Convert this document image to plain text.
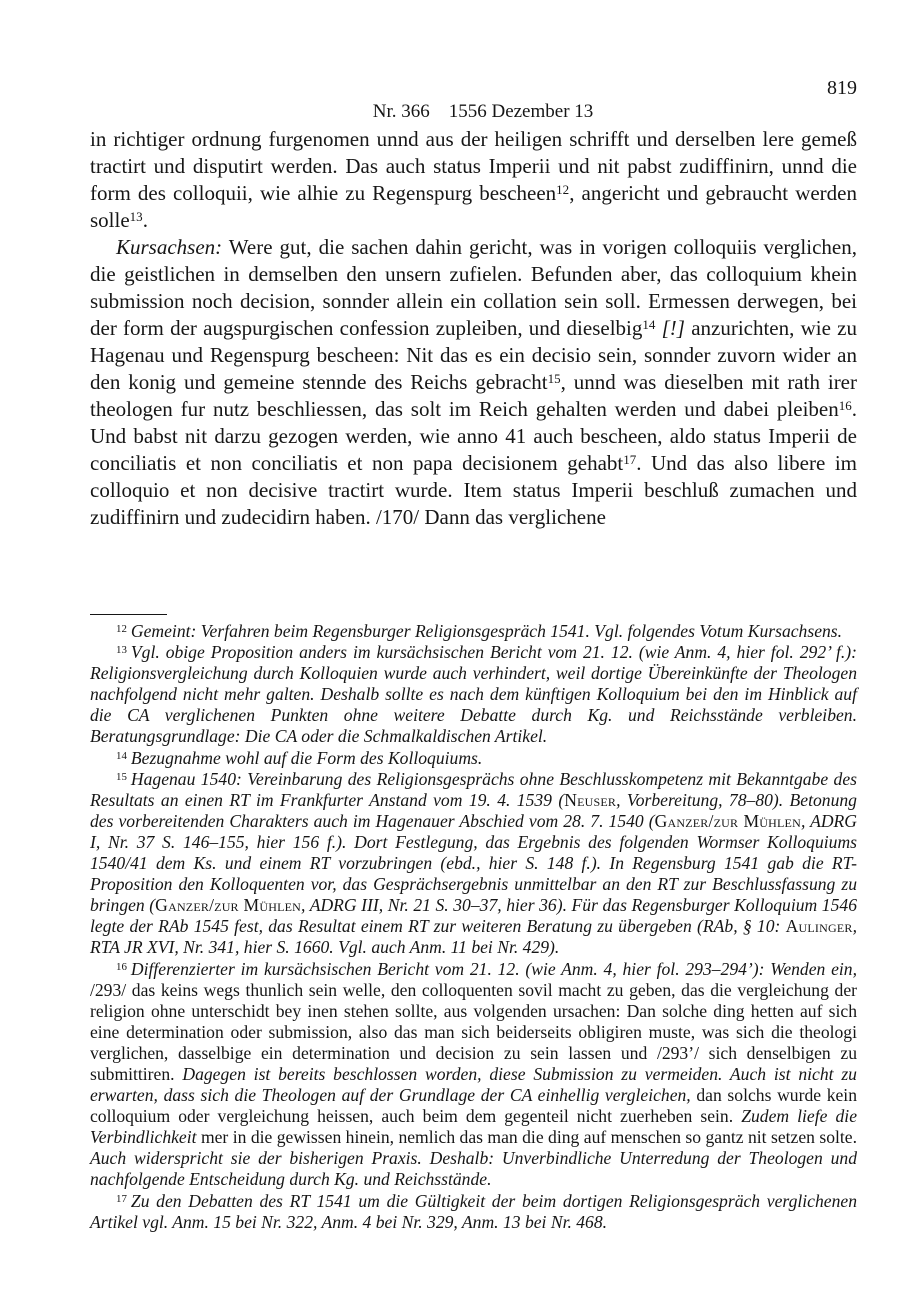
Nr. 366 1556 Dezember 13

819

in richtiger ordnung furgenomen unnd aus der heiligen schrifft und derselben lere gemeß tractirt und disputirt werden. Das auch status Imperii und nit pabst zudiffinirn, unnd die form des colloquii, wie alhie zu Regenspurg bescheen$^{12}$, angericht und gebraucht werden solle$^{13}$.

Kursachsen: Were gut, die sachen dahin gericht, was in vorigen colloquiis verglichen, die geistlichen in demselben den unsern zufielen. Befunden aber, das colloquium khein submission noch decision, sonnder allein ein collation sein soll. Ermessen derwegen, bei der form der augspurgischen confession zupleiben, und dieselbig$^{14}$ [!] anzurichten, wie zu Hagenau und Regenspurg bescheen: Nit das es ein decisio sein, sonnder zuvorn wider an den konig und gemeine stennde des Reichs gebracht$^{15}$, unnd was dieselben mit rath irer theologen fur nutz beschliessen, das solt im Reich gehalten werden und dabei pleiben$^{16}$. Und babst nit darzu gezogen werden, wie anno 41 auch bescheen, aldo status Imperii de conciliatis et non conciliatis et non papa decisionem gehabt$^{17}$. Und das also libere im colloquio et non decisive tractirt wurde. Item status Imperii beschluß zumachen und zudiffinirn und zudecidirn haben. /170/ Dann das verglichene

$^{12}$ Gemeint: Verfahren beim Regensburger Religionsgespräch 1541. Vgl. folgendes Votum Kursachsens.

$^{13}$ Vgl. obige Proposition anders im kursächsischen Bericht vom 21. 12. (wie Anm. 4, hier fol. 292’ f.): Religionsvergleichung durch Kolloquien wurde auch verhindert, weil dortige Übereinkünfte der Theologen nachfolgend nicht mehr galten. Deshalb sollte es nach dem künftigen Kolloquium bei den im Hinblick auf die CA verglichenen Punkten ohne weitere Debatte durch Kg. und Reichsstände verbleiben. Beratungsgrundlage: Die CA oder die Schmalkaldischen Artikel.

$^{14}$ Bezugnahme wohl auf die Form des Kolloquiums.

$^{15}$ Hagenau 1540: Vereinbarung des Religionsgesprächs ohne Beschlusskompetenz mit Bekanntgabe des Resultats an einen RT im Frankfurter Anstand vom 19. 4. 1539 (Neuser, Vorbereitung, 78–80). Betonung des vorbereitenden Charakters auch im Hagenauer Abschied vom 28. 7. 1540 (Ganzer/zur Mühlen, ADRG I, Nr. 37 S. 146–155, hier 156 f.). Dort Festlegung, das Ergebnis des folgenden Wormser Kolloquiums 1540/41 dem Ks. und einem RT vorzubringen (ebd., hier S. 148 f.). In Regensburg 1541 gab die RT-Proposition den Kolloquenten vor, das Gesprächsergebnis unmittelbar an den RT zur Beschlussfassung zu bringen (Ganzer/zur Mühlen, ADRG III, Nr. 21 S. 30–37, hier 36). Für das Regensburger Kolloquium 1546 legte der RAb 1545 fest, das Resultat einem RT zur weiteren Beratung zu übergeben (RAb, § 10: Aulinger, RTA JR XVI, Nr. 341, hier S. 1660. Vgl. auch Anm. 11 bei Nr. 429).

$^{16}$ Differenzierter im kursächsischen Bericht vom 21. 12. (wie Anm. 4, hier fol. 293–294’): Wenden ein, /293/ das keins wegs thunlich sein welle, den colloquenten sovil macht zu geben, das die vergleichung der religion ohne unterschidt bey inen stehen sollte, aus volgenden ursachen: Dan solche ding hetten auf sich eine determination oder submission, also das man sich beiderseits obligiren muste, was sich die theologi verglichen, dasselbige ein determination und decision zu sein lassen und /293’/ sich denselbigen zu submittiren. Dagegen ist bereits beschlossen worden, diese Submission zu vermeiden. Auch ist nicht zu erwarten, dass sich die Theologen auf der Grundlage der CA einhellig vergleichen, dan solchs wurde kein colloquium oder vergleichung heissen, auch beim dem gegenteil nicht zuerheben sein. Zudem liefe die Verbindlichkeit mer in die gewissen hinein, nemlich das man die ding auf menschen so gantz nit setzen solte. Auch widerspricht sie der bisherigen Praxis. Deshalb: Unverbindliche Unterredung der Theologen und nachfolgende Entscheidung durch Kg. und Reichsstände.

$^{17}$ Zu den Debatten des RT 1541 um die Gültigkeit der beim dortigen Religionsgespräch verglichenen Artikel vgl. Anm. 15 bei Nr. 322, Anm. 4 bei Nr. 329, Anm. 13 bei Nr. 468.
